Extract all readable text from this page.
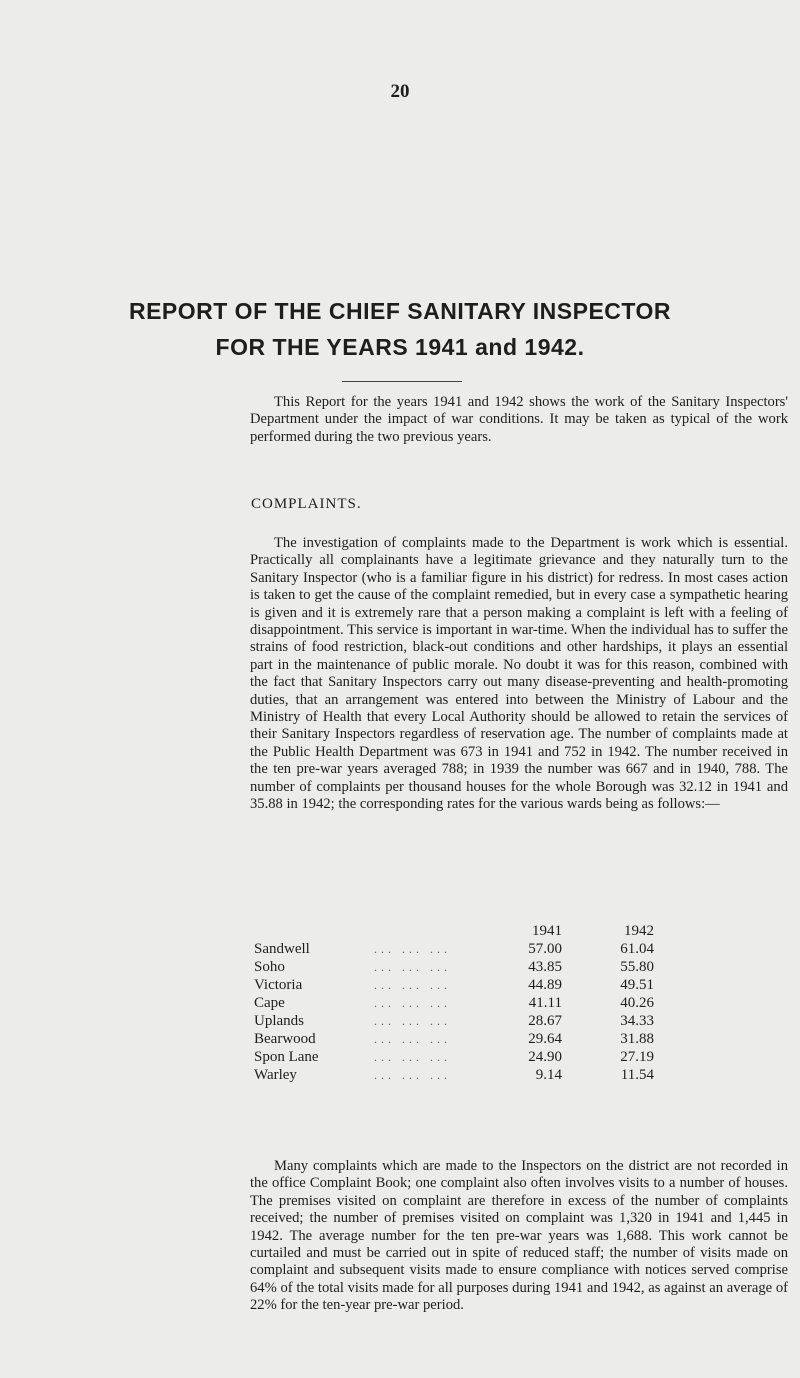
20
REPORT OF THE CHIEF SANITARY INSPECTOR
FOR THE YEARS 1941 and 1942.

This Report for the years 1941 and 1942 shows the work of the Sanitary Inspectors' Department under the impact of war conditions. It may be taken as typical of the work performed during the two previous years.

COMPLAINTS.

The investigation of complaints made to the Department is work which is essential. Practically all complainants have a legitimate grievance and they naturally turn to the Sanitary Inspector (who is a familiar figure in his district) for redress. In most cases action is taken to get the cause of the complaint remedied, but in every case a sympathetic hearing is given and it is extremely rare that a person making a complaint is left with a feeling of disappointment. This service is important in war-time. When the individual has to suffer the strains of food restriction, black-out conditions and other hardships, it plays an essential part in the maintenance of public morale. No doubt it was for this reason, combined with the fact that Sanitary Inspectors carry out many disease-preventing and health-promoting duties, that an arrangement was entered into between the Ministry of Labour and the Ministry of Health that every Local Authority should be allowed to retain the services of their Sanitary Inspectors regardless of reservation age. The number of complaints made at the Public Health Department was 673 in 1941 and 752 in 1942. The number received in the ten pre-war years averaged 788; in 1939 the number was 667 and in 1940, 788. The number of complaints per thousand houses for the whole Borough was 32.12 in 1941 and 35.88 in 1942; the corresponding rates for the various wards being as follows:—

	1941	1942
Sandwell ... ... ...	57.00	61.04
Soho ... ... ...	43.85	55.80
Victoria ... ... ...	44.89	49.51
Cape ... ... ...	41.11	40.26
Uplands ... ... ...	28.67	34.33
Bearwood ... ... ...	29.64	31.88
Spon Lane ... ... ...	24.90	27.19
Warley ... ... ...	9.14	11.54

Many complaints which are made to the Inspectors on the district are not recorded in the office Complaint Book; one complaint also often involves visits to a number of houses. The premises visited on complaint are therefore in excess of the number of complaints received; the number of premises visited on complaint was 1,320 in 1941 and 1,445 in 1942. The average number for the ten pre-war years was 1,688. This work cannot be curtailed and must be carried out in spite of reduced staff; the number of visits made on complaint and subsequent visits made to ensure compliance with notices served comprise 64% of the total visits made for all purposes during 1941 and 1942, as against an average of 22% for the ten-year pre-war period.
